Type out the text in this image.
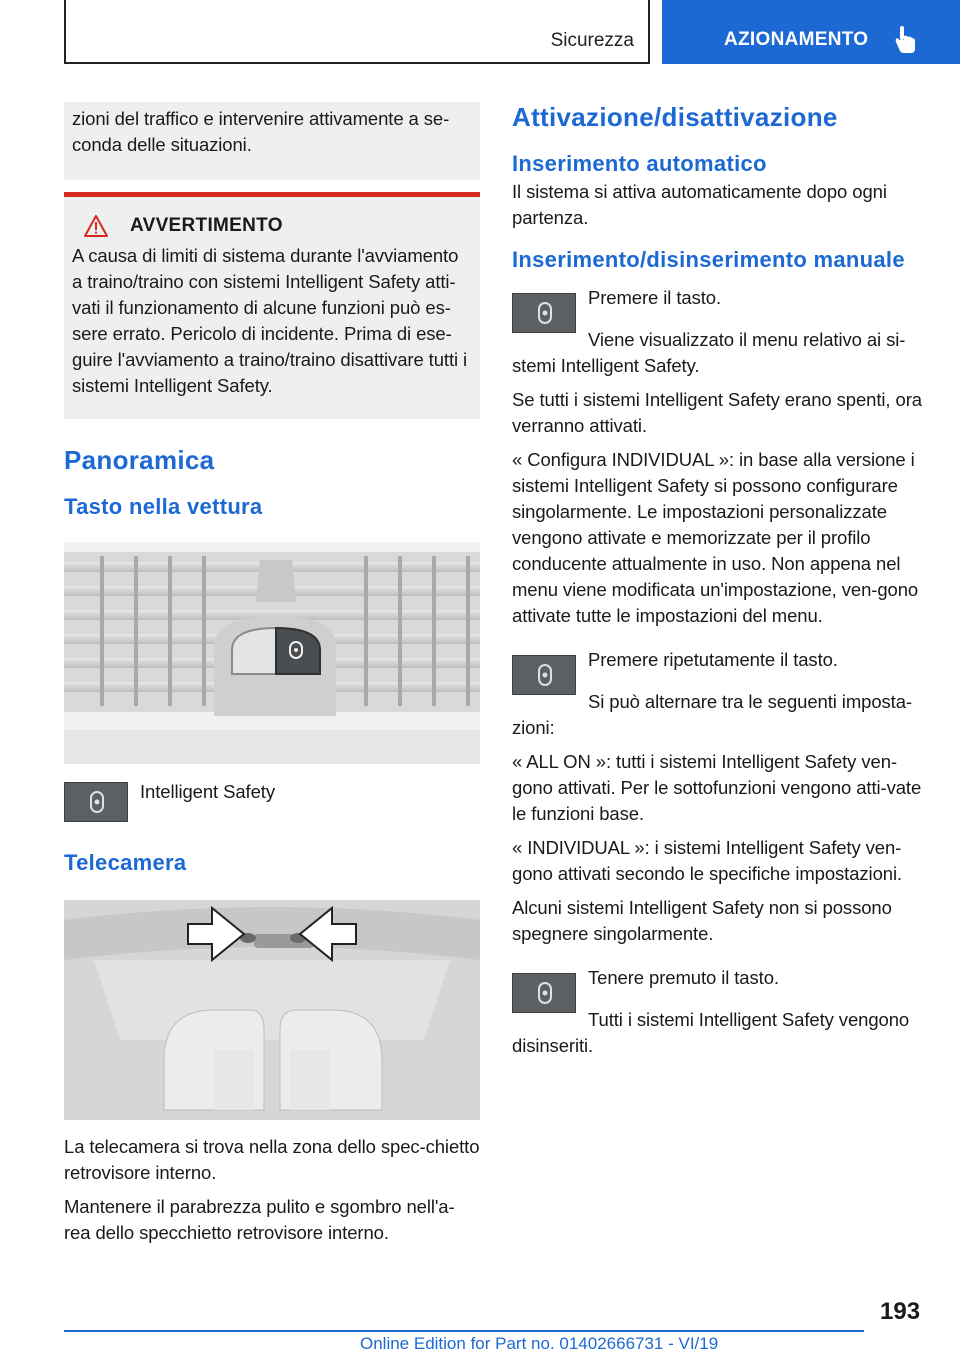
Sicurezza	AZIONAMENTO

zioni del traffico e intervenire attivamente a se-conda delle situazioni.

AVVERTIMENTO

A causa di limiti di sistema durante l'avviamento a traino/traino con sistemi Intelligent Safety atti-vati il funzionamento di alcune funzioni può es-sere errato. Pericolo di incidente. Prima di ese-guire l'avviamento a traino/traino disattivare tutti i sistemi Intelligent Safety.

Panoramica
Tasto nella vettura

Intelligent Safety

Telecamera

La telecamera si trova nella zona dello spec-chietto retrovisore interno.

Mantenere il parabrezza pulito e sgombro nell'a-rea dello specchietto retrovisore interno.

Attivazione/disattivazione
Inserimento automatico

Il sistema si attiva automaticamente dopo ogni partenza.

Inserimento/disinserimento manuale

Premere il tasto.

Viene visualizzato il menu relativo ai si-stemi Intelligent Safety.

Se tutti i sistemi Intelligent Safety erano spenti, ora verranno attivati.

« Configura INDIVIDUAL »: in base alla versione i sistemi Intelligent Safety si possono configurare singolarmente. Le impostazioni personalizzate vengono attivate e memorizzate per il profilo conducente attualmente in uso. Non appena nel menu viene modificata un'impostazione, ven-gono attivate tutte le impostazioni del menu.

Premere ripetutamente il tasto.

Si può alternare tra le seguenti imposta-zioni:

« ALL ON »: tutti i sistemi Intelligent Safety ven-gono attivati. Per le sottofunzioni vengono atti-vate le funzioni base.

« INDIVIDUAL »: i sistemi Intelligent Safety ven-gono attivati secondo le specifiche impostazioni.

Alcuni sistemi Intelligent Safety non si possono spegnere singolarmente.

Tenere premuto il tasto.

Tutti i sistemi Intelligent Safety vengono disinseriti.

193
Online Edition for Part no. 01402666731 - VI/19
